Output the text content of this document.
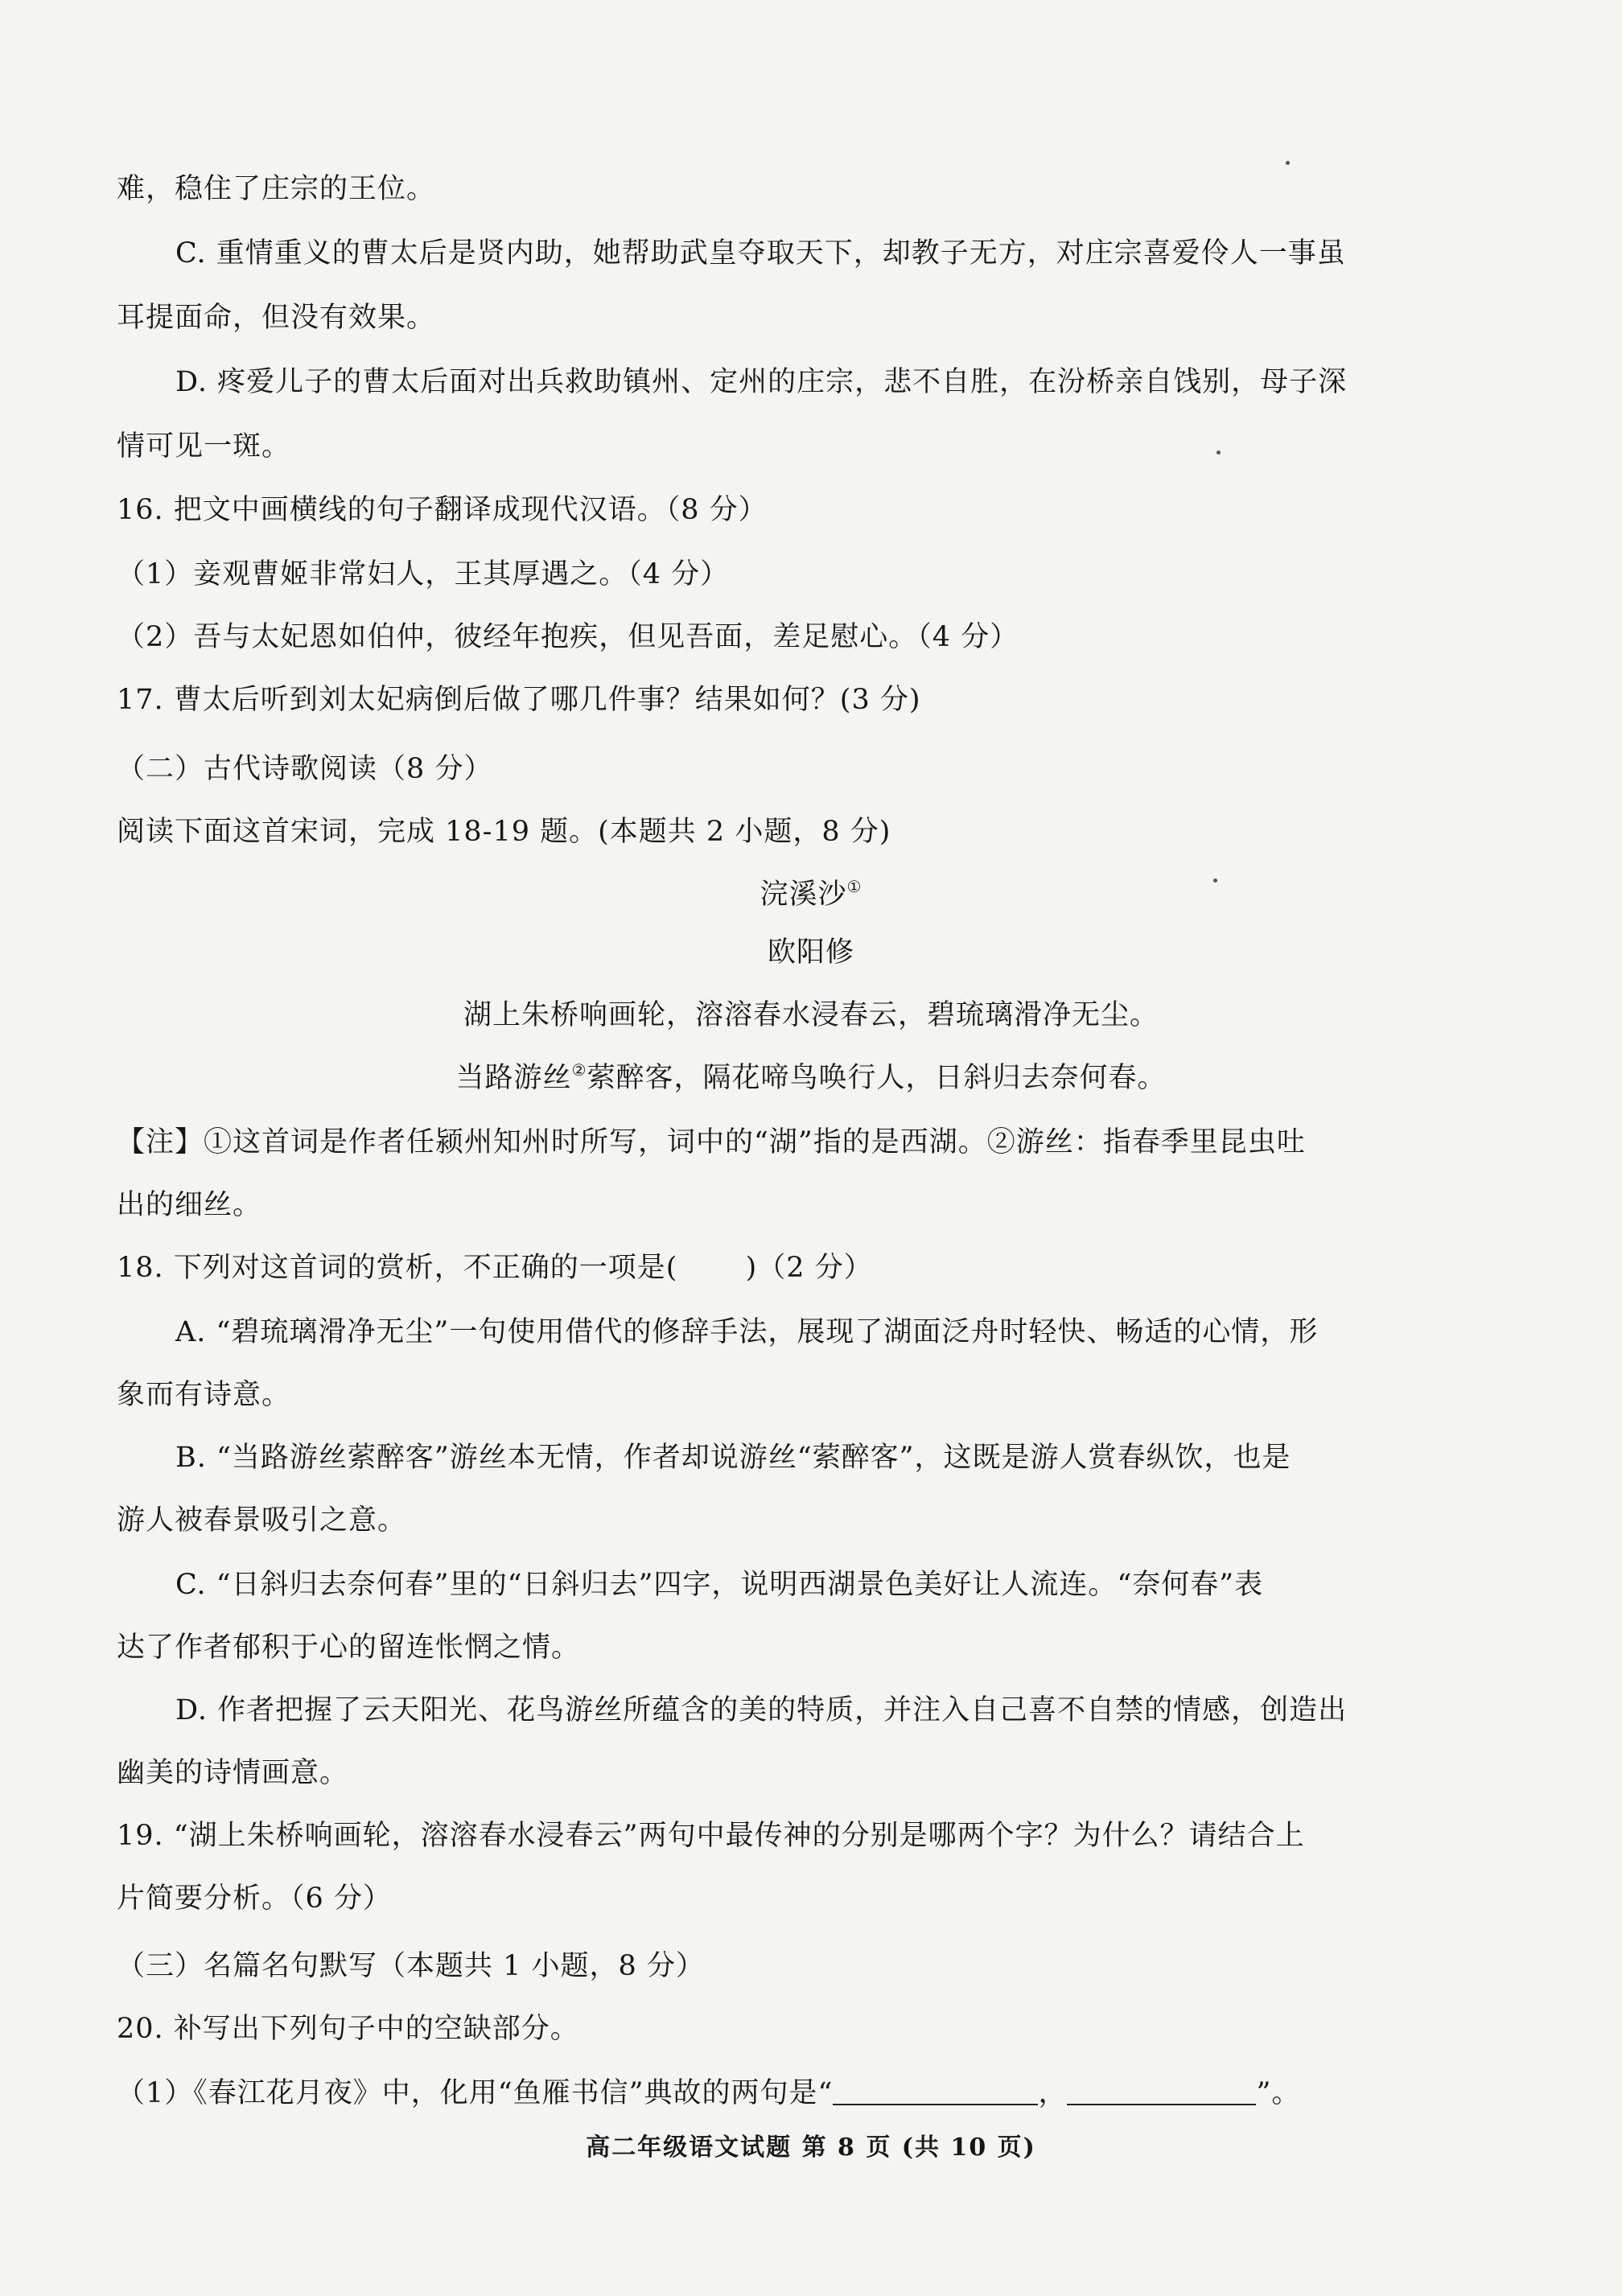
难，稳住了庄宗的王位。
C. 重情重义的曹太后是贤内助，她帮助武皇夺取天下，却教子无方，对庄宗喜爱伶人一事虽
耳提面命，但没有效果。
D. 疼爱儿子的曹太后面对出兵救助镇州、定州的庄宗，悲不自胜，在汾桥亲自饯别，母子深
情可见一斑。
16. 把文中画横线的句子翻译成现代汉语。（8 分）
（1）妾观曹姬非常妇人，王其厚遇之。（4 分）
（2）吾与太妃恩如伯仲，彼经年抱疾，但见吾面，差足慰心。（4 分）
17. 曹太后听到刘太妃病倒后做了哪几件事？结果如何？(3 分)
（二）古代诗歌阅读（8 分）
阅读下面这首宋词，完成 18-19 题。(本题共 2 小题，8 分)
浣溪沙①
欧阳修
湖上朱桥响画轮，溶溶春水浸春云，碧琉璃滑净无尘。
当路游丝②萦醉客，隔花啼鸟唤行人，日斜归去奈何春。
【注】①这首词是作者任颍州知州时所写，词中的“湖”指的是西湖。②游丝：指春季里昆虫吐
出的细丝。
18. 下列对这首词的赏析，不正确的一项是(　　 )（2 分）
A. “碧琉璃滑净无尘”一句使用借代的修辞手法，展现了湖面泛舟时轻快、畅适的心情，形
象而有诗意。
B. “当路游丝萦醉客”游丝本无情，作者却说游丝“萦醉客”，这既是游人赏春纵饮，也是
游人被春景吸引之意。
C. “日斜归去奈何春”里的“日斜归去”四字，说明西湖景色美好让人流连。“奈何春”表
达了作者郁积于心的留连怅惘之情。
D. 作者把握了云天阳光、花鸟游丝所蕴含的美的特质，并注入自己喜不自禁的情感，创造出
幽美的诗情画意。
19. “湖上朱桥响画轮，溶溶春水浸春云”两句中最传神的分别是哪两个字？为什么？请结合上
片简要分析。（6 分）
（三）名篇名句默写（本题共 1 小题，8 分）
20. 补写出下列句子中的空缺部分。
（1）《春江花月夜》中，化用“鱼雁书信”典故的两句是“	，	”。
高二年级语文试题 第 8 页 (共 10 页)
